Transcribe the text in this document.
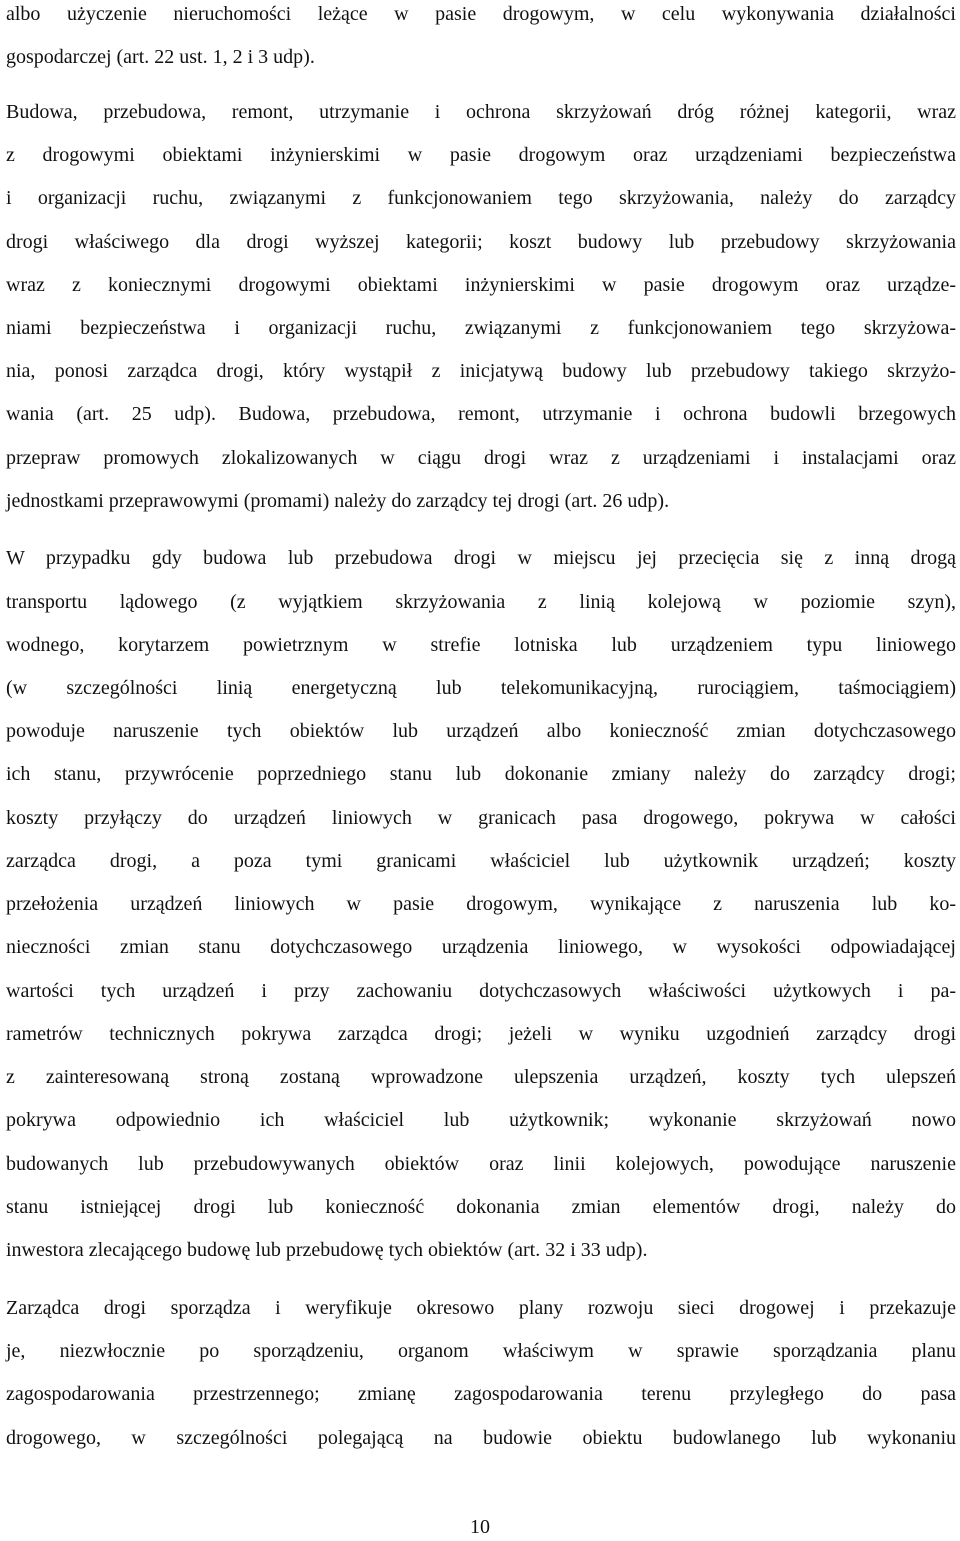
albo użyczenie nieruchomości leżące w pasie drogowym, w celu wykonywania działalności
gospodarczej (art. 22 ust. 1, 2 i 3 udp).
Budowa, przebudowa, remont, utrzymanie i ochrona skrzyżowań dróg różnej kategorii, wraz
z drogowymi obiektami inżynierskimi w pasie drogowym oraz urządzeniami bezpieczeństwa
i organizacji ruchu, związanymi z funkcjonowaniem tego skrzyżowania, należy do zarządcy
drogi właściwego dla drogi wyższej kategorii; koszt budowy lub przebudowy skrzyżowania
wraz z koniecznymi drogowymi obiektami inżynierskimi w pasie drogowym oraz urządze-
niami bezpieczeństwa i organizacji ruchu, związanymi z funkcjonowaniem tego skrzyżowa-
nia, ponosi zarządca drogi, który wystąpił z inicjatywą budowy lub przebudowy takiego skrzyżo-
wania (art. 25 udp). Budowa, przebudowa, remont, utrzymanie i ochrona budowli brzegowych
przepraw promowych zlokalizowanych w ciągu drogi wraz z urządzeniami i instalacjami oraz
jednostkami przeprawowymi (promami) należy do zarządcy tej drogi (art. 26 udp).
W przypadku gdy budowa lub przebudowa drogi w miejscu jej przecięcia się z inną drogą
transportu lądowego (z wyjątkiem skrzyżowania z linią kolejową w poziomie szyn),
wodnego, korytarzem powietrznym w strefie lotniska lub urządzeniem typu liniowego
(w szczególności linią energetyczną lub telekomunikacyjną, rurociągiem, taśmociągiem)
powoduje naruszenie tych obiektów lub urządzeń albo konieczność zmian dotychczasowego
ich stanu, przywrócenie poprzedniego stanu lub dokonanie zmiany należy do zarządcy drogi;
koszty przyłączy do urządzeń liniowych w granicach pasa drogowego, pokrywa w całości
zarządca drogi, a poza tymi granicami właściciel lub użytkownik urządzeń; koszty
przełożenia urządzeń liniowych w pasie drogowym, wynikające z naruszenia lub ko-
nieczności zmian stanu dotychczasowego urządzenia liniowego, w wysokości odpowiadającej
wartości tych urządzeń i przy zachowaniu dotychczasowych właściwości użytkowych i pa-
rametrów technicznych pokrywa zarządca drogi; jeżeli w wyniku uzgodnień zarządcy drogi
z zainteresowaną stroną zostaną wprowadzone ulepszenia urządzeń, koszty tych ulepszeń
pokrywa odpowiednio ich właściciel lub użytkownik; wykonanie skrzyżowań nowo
budowanych lub przebudowywanych obiektów oraz linii kolejowych, powodujące naruszenie
stanu istniejącej drogi lub konieczność dokonania zmian elementów drogi, należy do
inwestora zlecającego budowę lub przebudowę tych obiektów (art. 32 i 33 udp).
Zarządca drogi sporządza i weryfikuje okresowo plany rozwoju sieci drogowej i przekazuje
je, niezwłocznie po sporządzeniu, organom właściwym w sprawie sporządzania planu
zagospodarowania przestrzennego; zmianę zagospodarowania terenu przyległego do pasa
drogowego, w szczególności polegającą na budowie obiektu budowlanego lub wykonaniu
10
